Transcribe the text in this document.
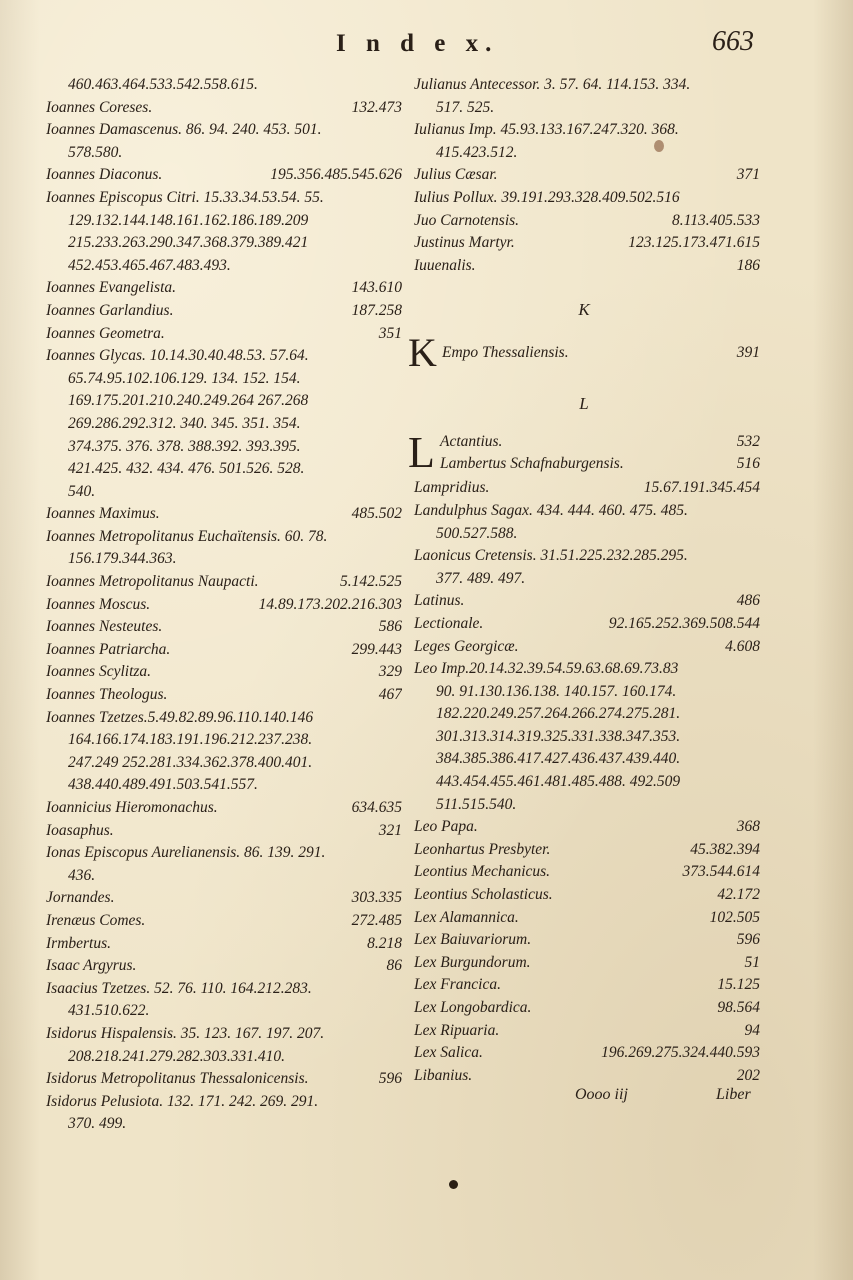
I n d e x.	663
460.463.464.533.542.558.615.
Ioannes Coreses.	132.473
Ioannes Damascenus. 86. 94. 240. 453. 501.
578.580.
Ioannes Diaconus.	195.356.485.545.626
Ioannes Episcopus Citri. 15.33.34.53.54. 55.
129.132.144.148.161.162.186.189.209
215.233.263.290.347.368.379.389.421
452.453.465.467.483.493.
Ioannes Evangelista.	143.610
Ioannes Garlandius.	187.258
Ioannes Geometra.	351
Ioannes Glycas. 10.14.30.40.48.53. 57.64.
65.74.95.102.106.129. 134. 152. 154.
169.175.201.210.240.249.264 267.268
269.286.292.312. 340. 345. 351. 354.
374.375. 376. 378. 388.392. 393.395.
421.425. 432. 434. 476. 501.526. 528.
540.
Ioannes Maximus.	485.502
Ioannes Metropolitanus Euchaïtensis. 60. 78.
156.179.344.363.
Ioannes Metropolitanus Naupacti.	5.142.525
Ioannes Moscus.	14.89.173.202.216.303
Ioannes Nesteutes.	586
Ioannes Patriarcha.	299.443
Ioannes Scylitza.	329
Ioannes Theologus.	467
Ioannes Tzetzes.5.49.82.89.96.110.140.146
164.166.174.183.191.196.212.237.238.
247.249 252.281.334.362.378.400.401.
438.440.489.491.503.541.557.
Ioannicius Hieromonachus.	634.635
Ioasaphus.	321
Ionas Episcopus Aurelianensis. 86. 139. 291.
436.
Jornandes.	303.335
Irenæus Comes.	272.485
Irmbertus.	8.218
Isaac Argyrus.	86
Isaacius Tzetzes. 52. 76. 110. 164.212.283.
431.510.622.
Isidorus Hispalensis. 35. 123. 167. 197. 207.
208.218.241.279.282.303.331.410.
Isidorus Metropolitanus Thessalonicensis.	596
Isidorus Pelusiota. 132. 171. 242. 269. 291.
370. 499.
Julianus Antecessor. 3. 57. 64. 114.153. 334.
517. 525.
Iulianus Imp. 45.93.133.167.247.320. 368.
415.423.512.
Julius Cæsar.	371
Iulius Pollux. 39.191.293.328.409.502.516
Juo Carnotensis.	8.113.405.533
Justinus Martyr.	123.125.173.471.615
Iuuenalis.	186
K
K Empo Thessaliensis.	391
L
L Actantius.	532
Lambertus Schafnaburgensis.	516
Lampridius.	15.67.191.345.454
Landulphus Sagax. 434. 444. 460. 475. 485.
500.527.588.
Laonicus Cretensis. 31.51.225.232.285.295.
377. 489. 497.
Latinus.	486
Lectionale.	92.165.252.369.508.544
Leges Georgicæ.	4.608
Leo Imp.20.14.32.39.54.59.63.68.69.73.83
90. 91.130.136.138. 140.157. 160.174.
182.220.249.257.264.266.274.275.281.
301.313.314.319.325.331.338.347.353.
384.385.386.417.427.436.437.439.440.
443.454.455.461.481.485.488. 492.509
511.515.540.
Leo Papa.	368
Leonhartus Presbyter.	45.382.394
Leontius Mechanicus.	373.544.614
Leontius Scholasticus.	42.172
Lex Alamannica.	102.505
Lex Baiuvariorum.	596
Lex Burgundorum.	51
Lex Francica.	15.125
Lex Longobardica.	98.564
Lex Ripuaria.	94
Lex Salica.	196.269.275.324.440.593
Libanius.	202
Oooo iij	Liber
